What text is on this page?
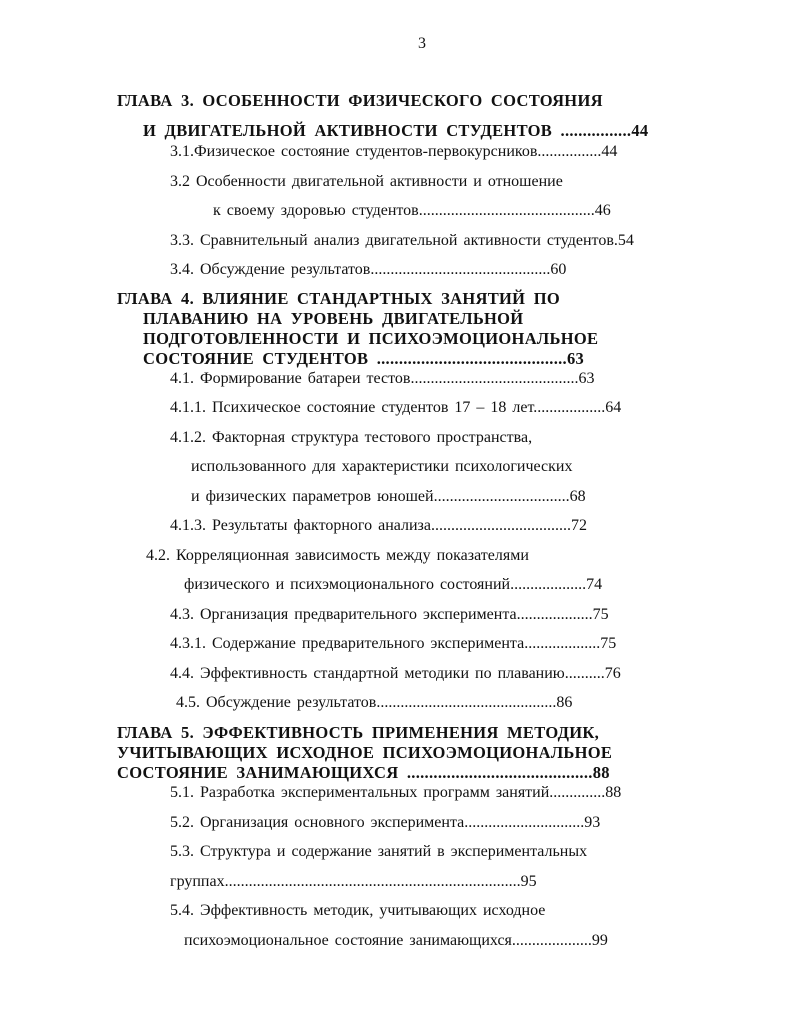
3
ГЛАВА 3. ОСОБЕННОСТИ ФИЗИЧЕСКОГО СОСТОЯНИЯ
И ДВИГАТЕЛЬНОЙ АКТИВНОСТИ СТУДЕНТОВ ................44
3.1.Физическое состояние студентов-первокурсников................44
3.2 Особенности двигательной активности и отношение
к своему здоровью студентов............................................46
3.3. Сравнительный анализ двигательной активности студентов.54
3.4. Обсуждение результатов.............................................60
ГЛАВА 4. ВЛИЯНИЕ СТАНДАРТНЫХ ЗАНЯТИЙ ПО
ПЛАВАНИЮ НА УРОВЕНЬ ДВИГАТЕЛЬНОЙ
ПОДГОТОВЛЕННОСТИ И ПСИХОЭМОЦИОНАЛЬНОЕ
СОСТОЯНИЕ СТУДЕНТОВ ...........................................63
4.1. Формирование батареи тестов..........................................63
4.1.1. Психическое состояние студентов 17 – 18 лет..................64
4.1.2. Факторная структура тестового пространства,
использованного для характеристики психологических
и физических параметров юношей..................................68
4.1.3. Результаты факторного анализа...................................72
4.2. Корреляционная зависимость между показателями
физического и психэмоционального состояний...................74
4.3. Организация предварительного эксперимента...................75
4.3.1. Содержание предварительного эксперимента...................75
4.4. Эффективность стандартной методики по плаванию..........76
4.5. Обсуждение результатов.............................................86
ГЛАВА 5. ЭФФЕКТИВНОСТЬ ПРИМЕНЕНИЯ МЕТОДИК,
УЧИТЫВАЮЩИХ ИСХОДНОЕ ПСИХОЭМОЦИОНАЛЬНОЕ
СОСТОЯНИЕ ЗАНИМАЮЩИХСЯ ..........................................88
5.1. Разработка экспериментальных программ занятий..............88
5.2. Организация основного эксперимента..............................93
5.3. Структура и содержание занятий в экспериментальных
группах..........................................................................95
5.4. Эффективность методик, учитывающих исходное
психоэмоциональное состояние занимающихся....................99
